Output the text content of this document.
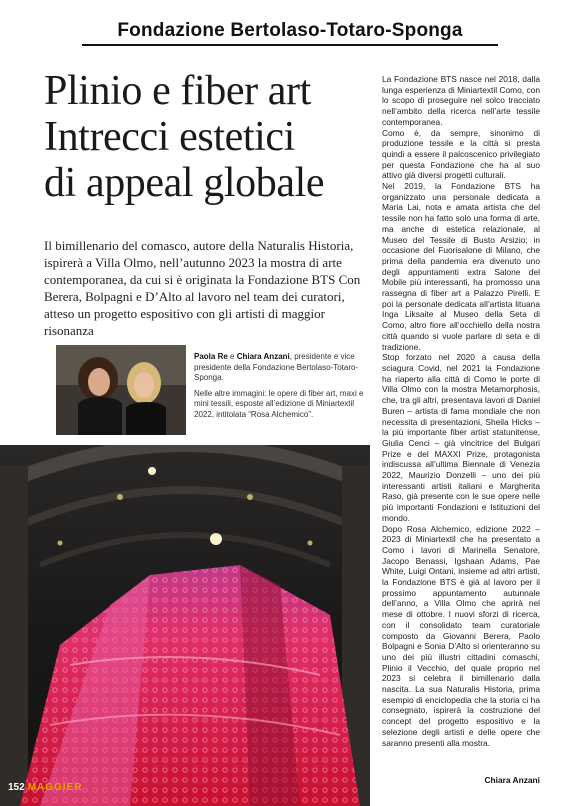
Fondazione Bertolaso-Totaro-Sponga
Plinio e fiber art
Intrecci estetici
di appeal globale
Il bimillenario del comasco, autore della Naturalis Historia, ispirerà a Villa Olmo, nell’autunno 2023 la mostra di arte contemporanea, da cui si è originata la Fondazione BTS Con Berera, Bolpagni e D’Alto al lavoro nel team dei curatori, atteso un progetto espositivo con gli artisti di maggior risonanza

Paola Re e Chiara Anzani, presidente e vice presidente della Fondazione Bertolaso-Totaro-Sponga.

Nelle altre immagini: le opere di fiber art, maxi e mini tessili, esposte all’edizione di Miniartextil 2022, intitolata “Rosa Alchemico”.

La Fondazione BTS nasce nel 2018, dalla lunga esperienza di Miniartextil Como, con lo scopo di proseguire nel solco tracciato nell’ambito della ricerca nell’arte tessile contemporanea.

Como è, da sempre, sinonimo di produzione tessile e la città si presta quindi a essere il palcoscenico privilegiato per questa Fondazione che ha al suo attivo già diversi progetti culturali.

Nel 2019, la Fondazione BTS ha organizzato una personale dedicata a Maria Lai, nota e amata artista che del tessile non ha fatto solo una forma di arte, ma anche di estetica relazionale, al Museo del Tessile di Busto Arsizio; in occasione del Fuorisalone di Milano, che prima della pandemia era divenuto uno degli appuntamenti extra Salone del Mobile più interessanti, ha promosso una rassegna di fiber art a Palazzo Pirelli. E poi la personale dedicata all’artista lituana Inga Liksaite al Museo della Seta di Como, altro fiore all’occhiello della nostra città quando si vuole parlare di seta e di tradizione.

Stop forzato nel 2020 a causa della sciagura Covid, nel 2021 la Fondazione ha riaperto alla città di Como le porte di Villa Olmo con la mostra Metamorphosis, che, tra gli altri, presentava lavori di Daniel Buren – artista di fama mondiale che non necessita di presentazioni, Sheila Hicks – la più importante fiber artist statunitense, Giulia Cenci – già vincitrice del Bulgari Prize e del MAXXI Prize, protagonista indiscussa all’ultima Biennale di Venezia 2022, Maurizio Donzelli – uno dei più interessanti artisti italiani e Margherita Raso, già presente con le sue opere nelle più importanti Fondazioni e Istituzioni del mondo.

Dopo Rosa Alchemico, edizione 2022 – 2023 di Miniartextil che ha presentato a Como i lavori di Marinella Senatore, Jacopo Benassi, Igshaan Adams, Pae White, Luigi Ontani, insieme ad altri artisti, la Fondazione BTS è già al lavoro per il prossimo appuntamento autunnale dell’anno, a Villa Olmo che aprirà nel mese di ottobre. I nuovi sforzi di ricerca, con il consolidato team curatoriale composto da Giovanni Berera, Paolo Bolpagni e Sonia D’Alto si orienteranno su uno dei più illustri cittadini comaschi, Plinio il Vecchio, del quale proprio nel 2023 si celebra il bimillenario dalla nascita. La sua Naturalis Historia, prima esempio di enciclopedia che la storia ci ha consegnato, ispirerà la costruzione del concept del progetto espositivo e la selezione degli artisti e delle opere che saranno presenti alla mostra.

Chiara Anzani
152 MAGGIER
